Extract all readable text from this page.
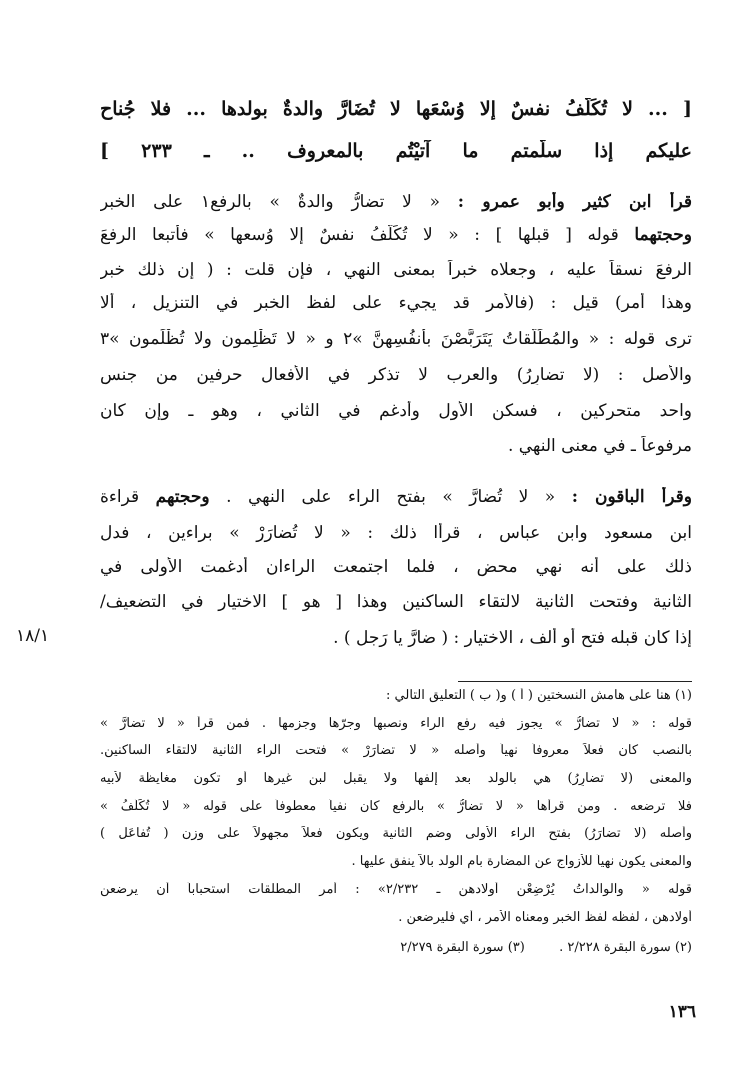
[ ... لا تُكَلَّفُ نفسٌ إلا وُسْعَها لا تُضَارَّ والدةٌ بولدها ... فلا جُناح
عليكم إذا سلَّمتم ما آتيْتُم بالمعروف .. ـ ٢٣٣ ]
قرأ ابن كثير وأبو عمرو : « لا تضارُّ والدةٌ » بالرفع١ على الخبر
وحجتهما قوله [ قبلها ] : « لا تُكَلَّفُ نفسٌ إلا وُسعها » فأتبعا الرفعَ
الرفعَ نسقاً عليه ، وجعلاه خبراً بمعنى النهي ، فإن قلت : ( إن ذلك خبر
وهذا أمر) قيل : (فالأمر قد يجيء على لفظ الخبر في التنزيل ، ألا
ترى قوله : « والمُطَلَّقاتُ يَتَرَبَّصْنَ بأنفُسِهِنَّ »٢ و « لا تَظْلِمون ولا تُظْلَمون »٣
والأصل : (لا تضارِرُ) والعرب لا تذكر في الأفعال حرفين من جنس
واحد متحركين ، فسكن الأول وأدغم في الثاني ، وهو ـ وإن كان
مرفوعاً ـ في معنى النهي .
وقرأ الباقون : « لا تُضارَّ » بفتح الراء على النهي . وحجتهم قراءة
ابن مسعود وابن عباس ، قرأا ذلك : « لا تُضارَرْ » براءين ، فدل
ذلك على أنه نهي محض ، فلما اجتمعت الراءان أدغمت الأولى في
الثانية وفتحت الثانية لالتقاء الساكنين وهذا [ هو ] الاختيار في التضعيف/
إذا كان قبله فتح أو ألف ، الاختيار : ( ضارَّ يا رَجل ) .
١٨/١
(١) هنا على هامش النسختين ( أ ) و( ب ) التعليق التالي :
قوله : « لا تضارُّ » يجوز فيه رفع الراء ونصبها وجرّها وجزمها . فمن قرأ « لا تضارَّ »
بالنصب كان فعلاً معروفاً نهياً وأصله « لا تضارَرْ » فتحت الراء الثانية لالتقاء الساكنين.
والمعنى (لا تضارِرُ) هي بالولد بعد إلفها ولا يقبل لبن غيرها أو تكون مغايظة لأبيه
فلا ترضعه . ومن قرأها « لا تضارُّ » بالرفع كان نفياً معطوفاً على قوله « لا تُكَلَّفُ »
وأصله (لا تضارَرُ) بفتح الراء الأولى وضم الثانية ويكون فعلاً مجهولاً على وزن ( تُفاعَل )
والمعنى يكون نهياً للأزواج عن المضارة بأم الولد بألاّ ينفق عليها .
قوله « والوالداتُ يُرْضِعْن أولادهن ـ ٢/٢٣٢» : أمر المطلقات استحباباً أن يرضعن
أولادهن ، لفظه لفظ الخبر ومعناه الأمر ، أي فليرضعن .
(٢) سورة البقرة ٢/٢٢٨ .  (٣) سورة البقرة ٢/٢٧٩
١٣٦
